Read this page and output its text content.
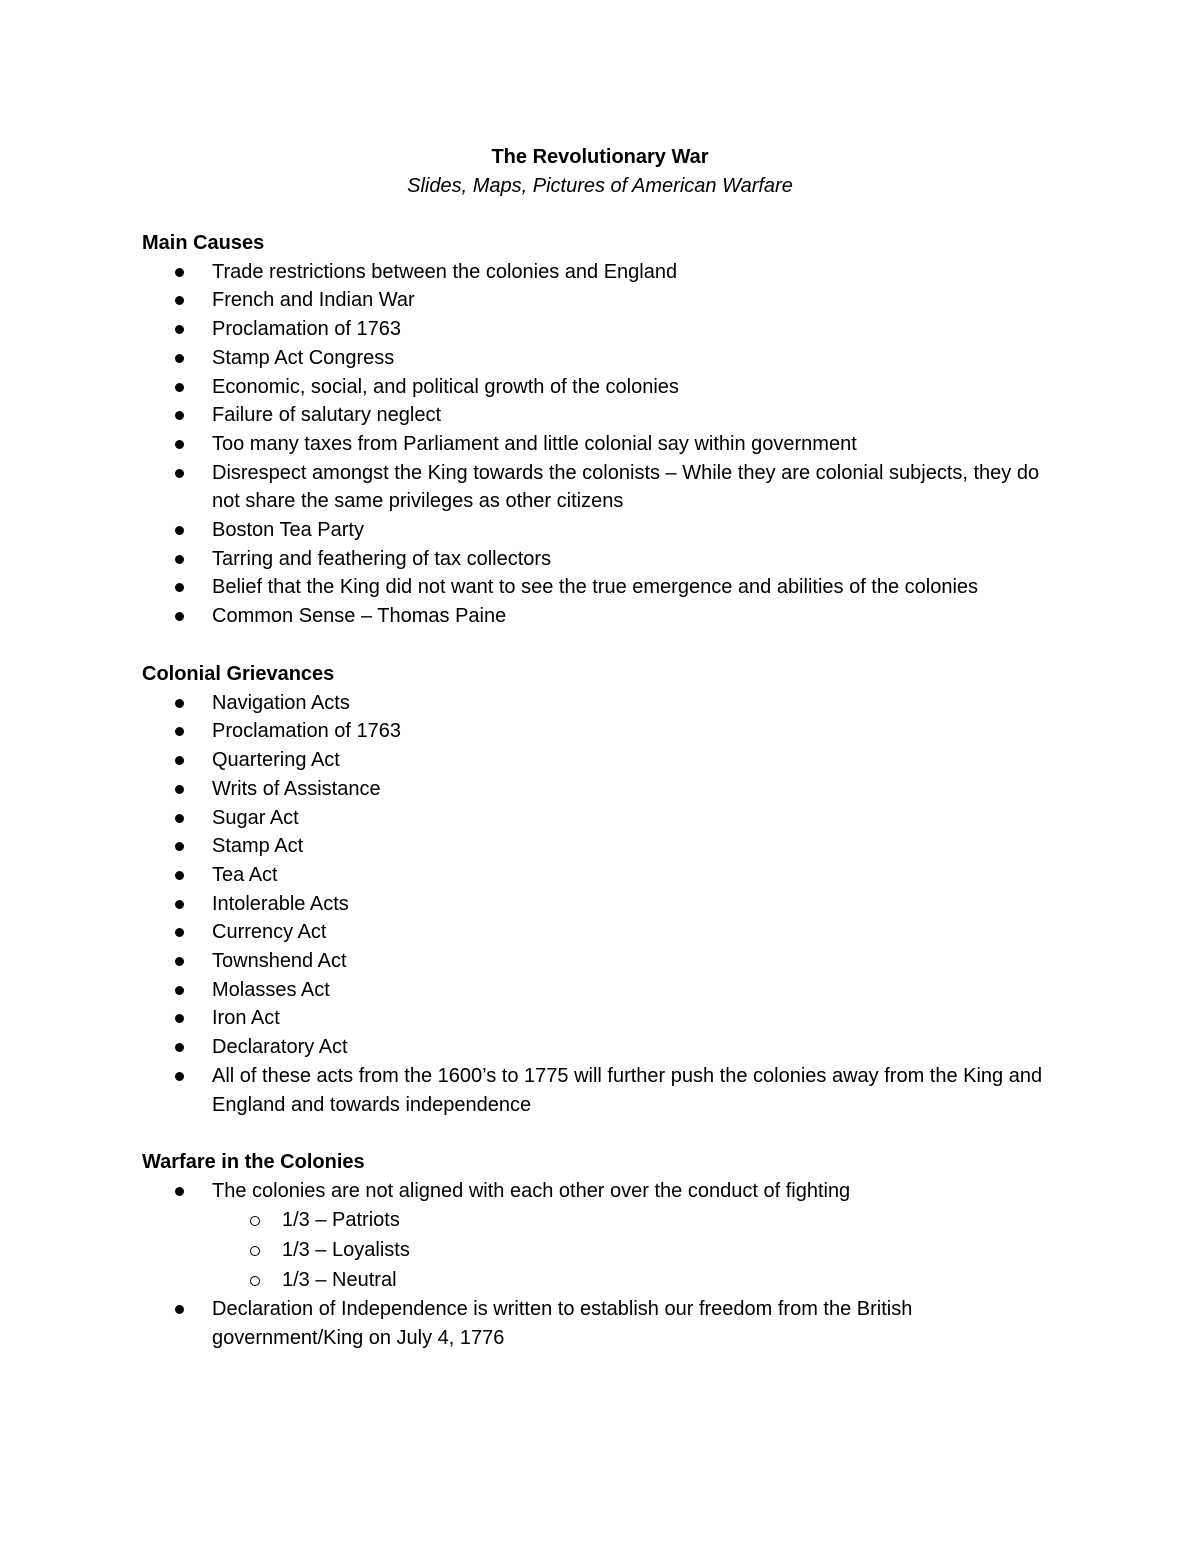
The Revolutionary War
Slides, Maps, Pictures of American Warfare
Main Causes
Trade restrictions between the colonies and England
French and Indian War
Proclamation of 1763
Stamp Act Congress
Economic, social, and political growth of the colonies
Failure of salutary neglect
Too many taxes from Parliament and little colonial say within government
Disrespect amongst the King towards the colonists – While they are colonial subjects, they do not share the same privileges as other citizens
Boston Tea Party
Tarring and feathering of tax collectors
Belief that the King did not want to see the true emergence and abilities of the colonies
Common Sense – Thomas Paine
Colonial Grievances
Navigation Acts
Proclamation of 1763
Quartering Act
Writs of Assistance
Sugar Act
Stamp Act
Tea Act
Intolerable Acts
Currency Act
Townshend Act
Molasses Act
Iron Act
Declaratory Act
All of these acts from the 1600’s to 1775 will further push the colonies away from the King and England and towards independence
Warfare in the Colonies
The colonies are not aligned with each other over the conduct of fighting
1/3 – Patriots
1/3 – Loyalists
1/3 – Neutral
Declaration of Independence is written to establish our freedom from the British government/King on July 4, 1776
